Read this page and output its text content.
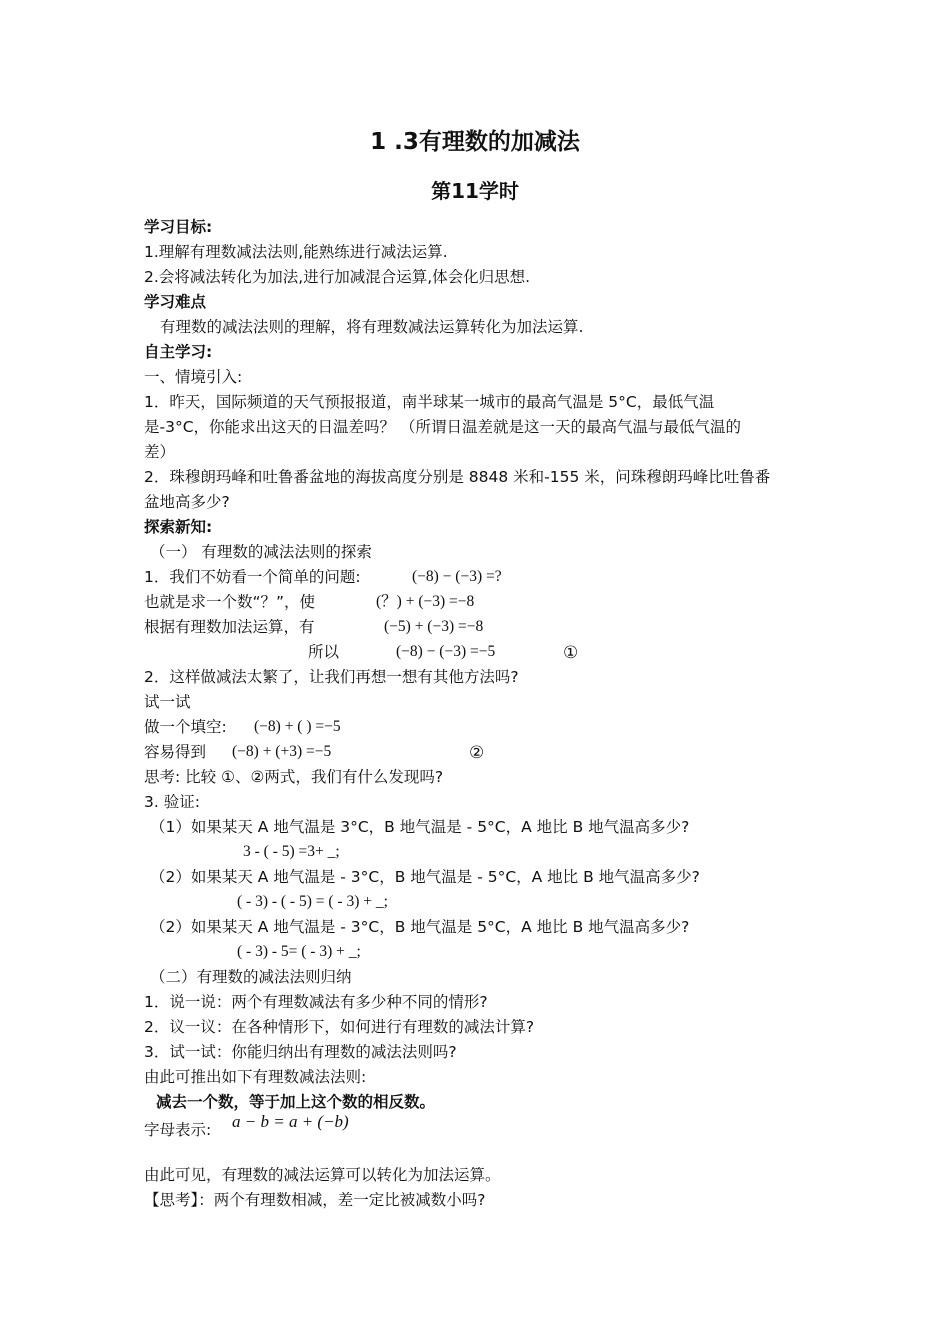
1 .3有理数的加减法
第11学时
学习目标:
1.理解有理数减法法则,能熟练进行减法运算.
2.会将减法转化为加法,进行加减混合运算,体会化归思想.
学习难点
有理数的减法法则的理解，将有理数减法运算转化为加法运算.
自主学习:
一、情境引入:
1．昨天，国际频道的天气预报报道，南半球某一城市的最高气温是 5°C，最低气温
是-3°C，你能求出这天的日温差吗？ （所谓日温差就是这一天的最高气温与最低气温的
差）
2．珠穆朗玛峰和吐鲁番盆地的海拔高度分别是 8848 米和-155 米，问珠穆朗玛峰比吐鲁番
盆地高多少?
探索新知:
（一） 有理数的减法法则的探索
1．我们不妨看一个简单的问题:	(−8) − (−3) =?
也就是求一个数“？”，使	(？) + (−3) =−8
根据有理数加法运算，有	(−5) + (−3) =−8
所以	(−8) − (−3) =−5	①
2．这样做减法太繁了，让我们再想一想有其他方法吗?
试一试
做一个填空: (−8) + ( ) =−5
容易得到 (−8) + (+3) =−5	②
思考: 比较 ①、②两式，我们有什么发现吗?
3. 验证:
（1）如果某天 A 地气温是 3°C，B 地气温是 - 5°C，A 地比 B 地气温高多少?
3 - ( - 5) =3+ _;
（2）如果某天 A 地气温是 - 3°C，B 地气温是 - 5°C，A 地比 B 地气温高多少?
( - 3) - ( - 5) = ( - 3) + _;
（2）如果某天 A 地气温是 - 3°C，B 地气温是 5°C，A 地比 B 地气温高多少?
( - 3) - 5= ( - 3) + _;
（二）有理数的减法法则归纳
1．说一说：两个有理数减法有多少种不同的情形?
2．议一议：在各种情形下，如何进行有理数的减法计算?
3．试一试：你能归纳出有理数的减法法则吗?
由此可推出如下有理数减法法则:
减去一个数，等于加上这个数的相反数。
字母表示: a − b = a + (−b)
由此可见，有理数的减法运算可以转化为加法运算。
【思考】：两个有理数相减，差一定比被减数小吗?
